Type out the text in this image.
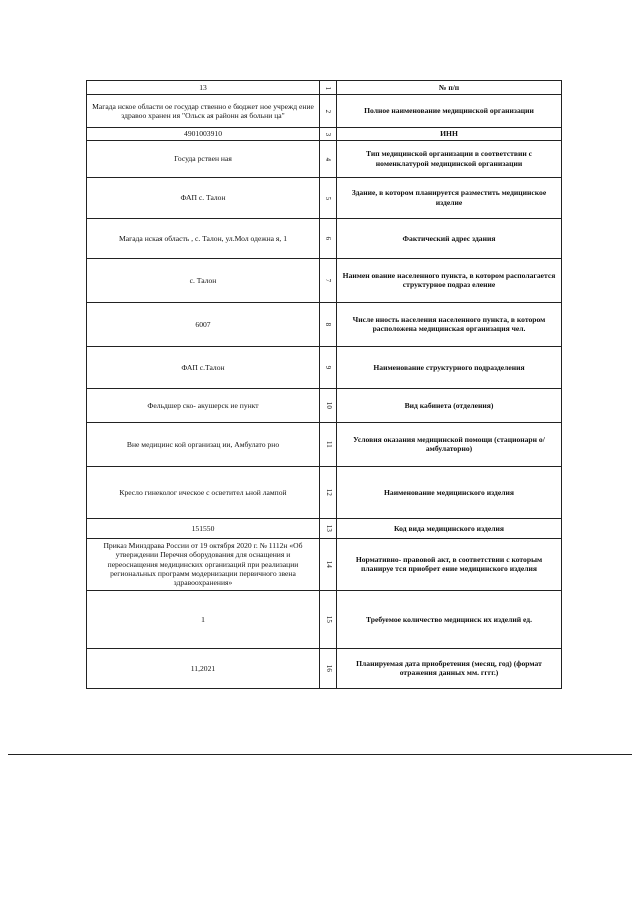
13	1	№ п/п
Магада нское области ое государ ственно е бюджет ное учрежд ение здравоо хранен ия "Ольск ая районн ая больни ца"	2	Полное наименование медицинской организации
4901003910	3	ИНН
Госуда рствен ная	4	Тип медицинской организации в соответствии с номенклатурой медицинской организации
ФАП с. Талон	5	Здание, в котором планируется разместить медицинское изделие
Магада нская область , с. Талон, ул.Мол одежна я, 1	6	Фактический адрес здания
с. Талон	7	Наимен ование населенного пункта, в котором располагается структурное подраз еление
6007	8	Числе нность населения населенного пункта, в котором расположена медицинская организация чел.
ФАП с.Талон	9	Наименование структурного подразделения
Фельдшер ско- акушерск ие пункт	10	Вид кабинета (отделения)
Вне медицинс кой организац ии, Амбулато рно	11	Условия оказания медицинской помощи (стационарн о/амбулаторно)
Кресло гинеколог ическое с осветител ьной лампой	12	Наименование медицинского изделия
151550	13	Код вида медицинского изделия
Приказ Минздрава России от 19 октября 2020 г. № 1112н «Об утверждении Перечня оборудования для оснащения и переоснащения медицинских организаций при реализации региональных программ модернизации первичного звена здравоохранения»	14	Нормативно- правовой акт, в соответствии с которым планируе тся приобрет ение медицинского изделия
1	15	Требуемое количество медицинск их изделий ед.
11,2021	16	Планируемая дата приобретения (месяц, год) (формат отражения данных мм. гггг.)
